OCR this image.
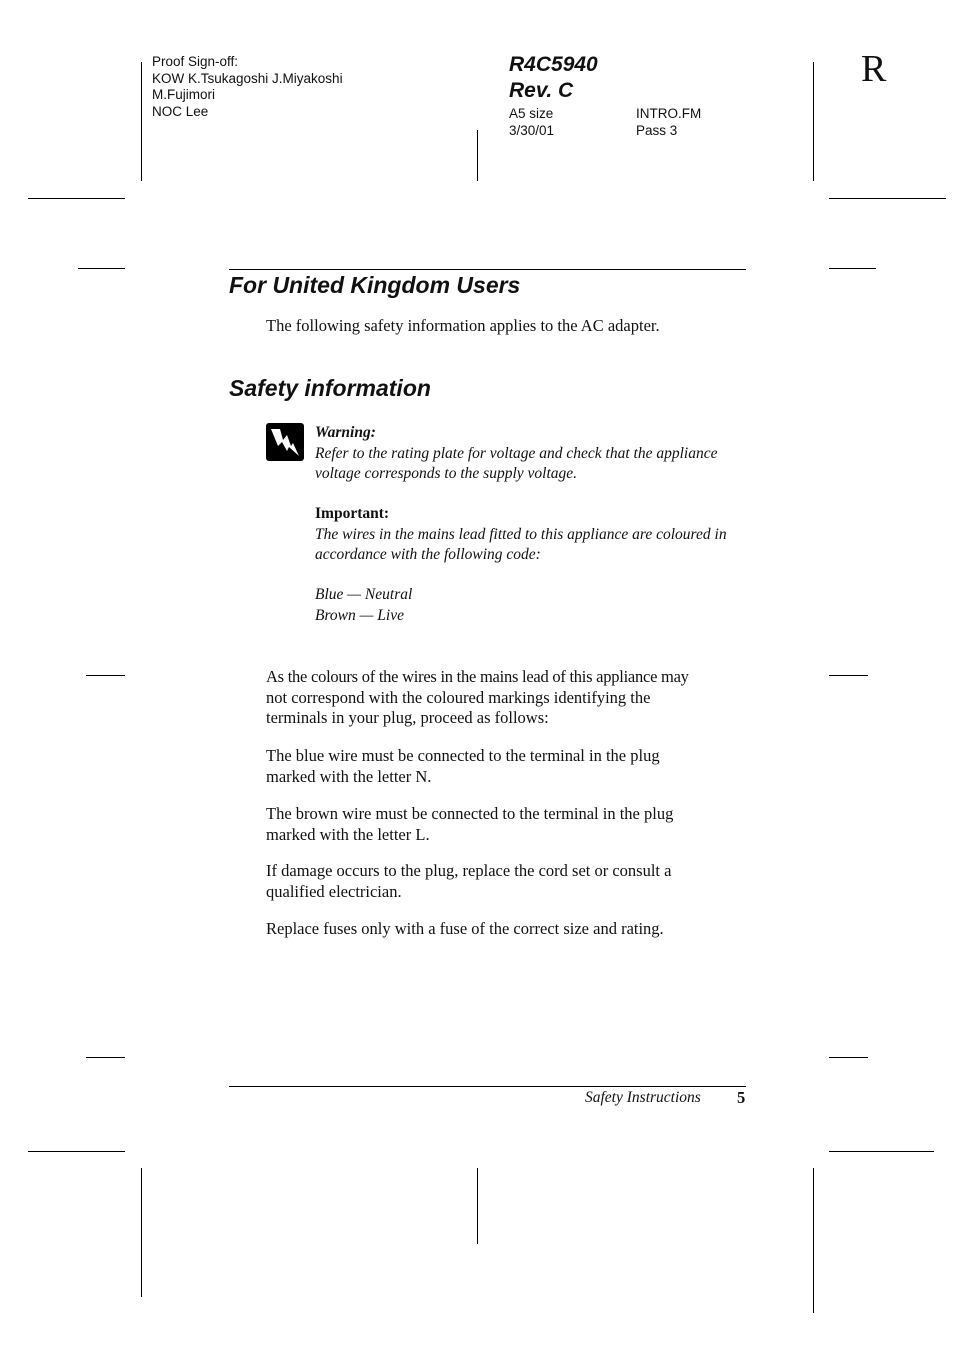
Proof Sign-off:
KOW K.Tsukagoshi J.Miyakoshi
M.Fujimori
NOC Lee
R4C5940
Rev. C
A5 size	INTRO.FM
3/30/01	Pass 3
R
For United Kingdom Users
The following safety information applies to the AC adapter.
Safety information
Warning:
Refer to the rating plate for voltage and check that the appliance
voltage corresponds to the supply voltage.
Important:
The wires in the mains lead fitted to this appliance are coloured in
accordance with the following code:
Blue — Neutral
Brown — Live
As the colours of the wires in the mains lead of this appliance may
not correspond with the coloured markings identifying the
terminals in your plug, proceed as follows:
The blue wire must be connected to the terminal in the plug
marked with the letter N.
The brown wire must be connected to the terminal in the plug
marked with the letter L.
If damage occurs to the plug, replace the cord set or consult a
qualified electrician.
Replace fuses only with a fuse of the correct size and rating.
Safety Instructions 5
